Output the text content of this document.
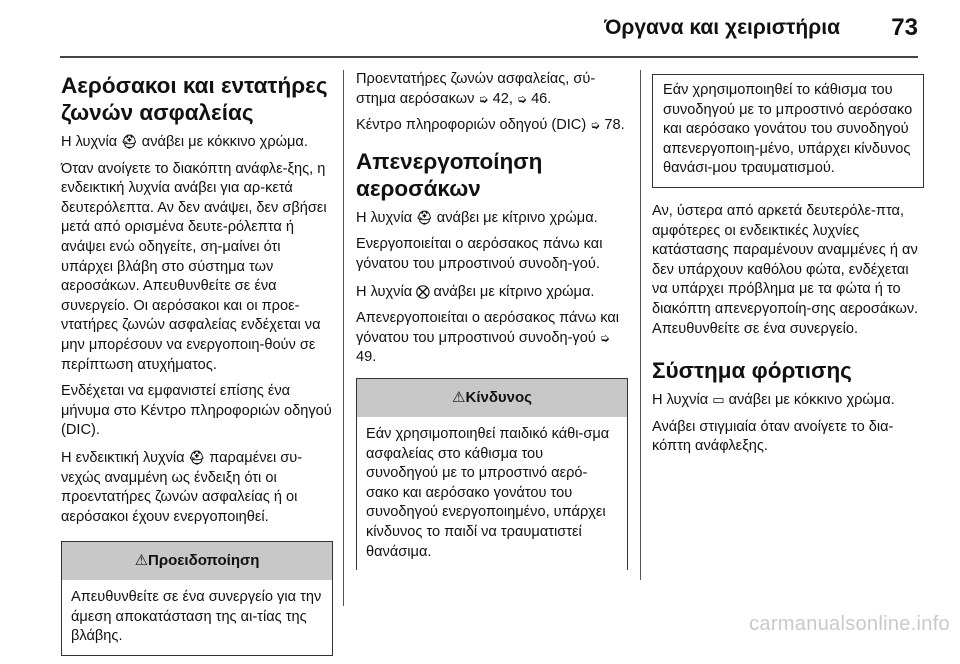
Όργανα και χειριστήρια 73
Αερόσακοι και εντατήρες ζωνών ασφαλείας

Η λυχνία ⛑ ανάβει με κόκκινο χρώμα.

Όταν ανοίγετε το διακόπτη ανάφλε-ξης, η ενδεικτική λυχνία ανάβει για αρ-κετά δευτερόλεπτα. Αν δεν ανάψει, δεν σβήσει μετά από ορισμένα δευτε-ρόλεπτα ή ανάψει ενώ οδηγείτε, ση-μαίνει ότι υπάρχει βλάβη στο σύστημα των αεροσάκων. Απευθυνθείτε σε ένα συνεργείο. Οι αερόσακοι και οι προε-ντατήρες ζωνών ασφαλείας ενδέχεται να μην μπορέσουν να ενεργοποιη-θούν σε περίπτωση ατυχήματος.

Ενδέχεται να εμφανιστεί επίσης ένα μήνυμα στο Κέντρο πληροφοριών οδηγού (DIC).

Η ενδεικτική λυχνία ⛑ παραμένει συ-νεχώς αναμμένη ως ένδειξη ότι οι προεντατήρες ζωνών ασφαλείας ή οι αερόσακοι έχουν ενεργοποιηθεί.

⚠Προειδοποίηση
Απευθυνθείτε σε ένα συνεργείο για την άμεση αποκατάσταση της αι-τίας της βλάβης.

Προεντατήρες ζωνών ασφαλείας, σύ-στημα αερόσακων ➭ 42, ➭ 46.

Κέντρο πληροφοριών οδηγού (DIC) ➭ 78.

Απενεργοποίηση αεροσάκων

Η λυχνία ⛑ ανάβει με κίτρινο χρώμα.

Ενεργοποιείται ο αερόσακος πάνω και γόνατου του μπροστινού συνοδη-γού.

Η λυχνία ⛒ ανάβει με κίτρινο χρώμα.

Απενεργοποιείται ο αερόσακος πάνω και γόνατου του μπροστινού συνοδη-γού ➭ 49.

⚠Κίνδυνος
Εάν χρησιμοποιηθεί παιδικό κάθι-σμα ασφαλείας στο κάθισμα του συνοδηγού με το μπροστινό αερό-σακο και αερόσακο γονάτου του συνοδηγού ενεργοποιημένο, υπάρχει κίνδυνος το παιδί να τραυματιστεί θανάσιμα.
Εάν χρησιμοποιηθεί το κάθισμα του συνοδηγού με το μπροστινό αερόσακο και αερόσακο γονάτου του συνοδηγού απενεργοποιη-μένο, υπάρχει κίνδυνος θανάσι-μου τραυματισμού.

Αν, ύστερα από αρκετά δευτερόλε-πτα, αμφότερες οι ενδεικτικές λυχνίες κατάστασης παραμένουν αναμμένες ή αν δεν υπάρχουν καθόλου φώτα, ενδέχεται να υπάρχει πρόβλημα με τα φώτα ή το διακόπτη απενεργοποίη-σης αεροσάκων. Απευθυνθείτε σε ένα συνεργείο.

Σύστημα φόρτισης

Η λυχνία ▭ ανάβει με κόκκινο χρώμα.

Ανάβει στιγμιαία όταν ανοίγετε το δια-κόπτη ανάφλεξης.

carmanualsonline.info
